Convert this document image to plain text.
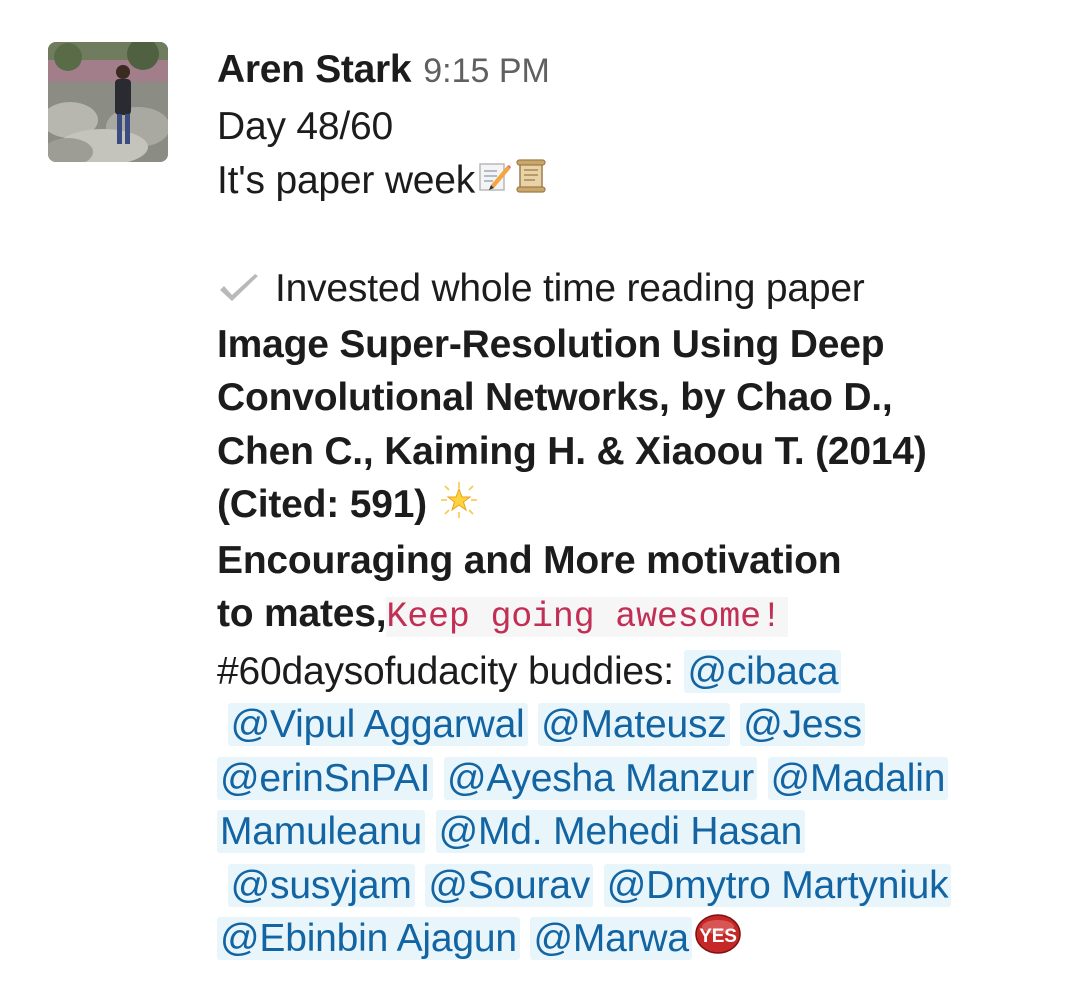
Aren Stark 9:15 PM
Day 48/60
It's paper week
Invested whole time reading paper
Image Super-Resolution Using Deep
Convolutional Networks, by Chao D.,
Chen C., Kaiming H. & Xiaoou T. (2014)
(Cited: 591)
Encouraging and More motivation
to mates,Keep going awesome!
#60daysofudacity buddies: @cibaca
@Vipul Aggarwal @Mateusz @Jess
@erinSnPAI @Ayesha Manzur @Madalin
Mamuleanu @Md. Mehedi Hasan
@susyjam @Sourav @Dmytro Martyniuk
@Ebinbin Ajagun @Marwa YES
